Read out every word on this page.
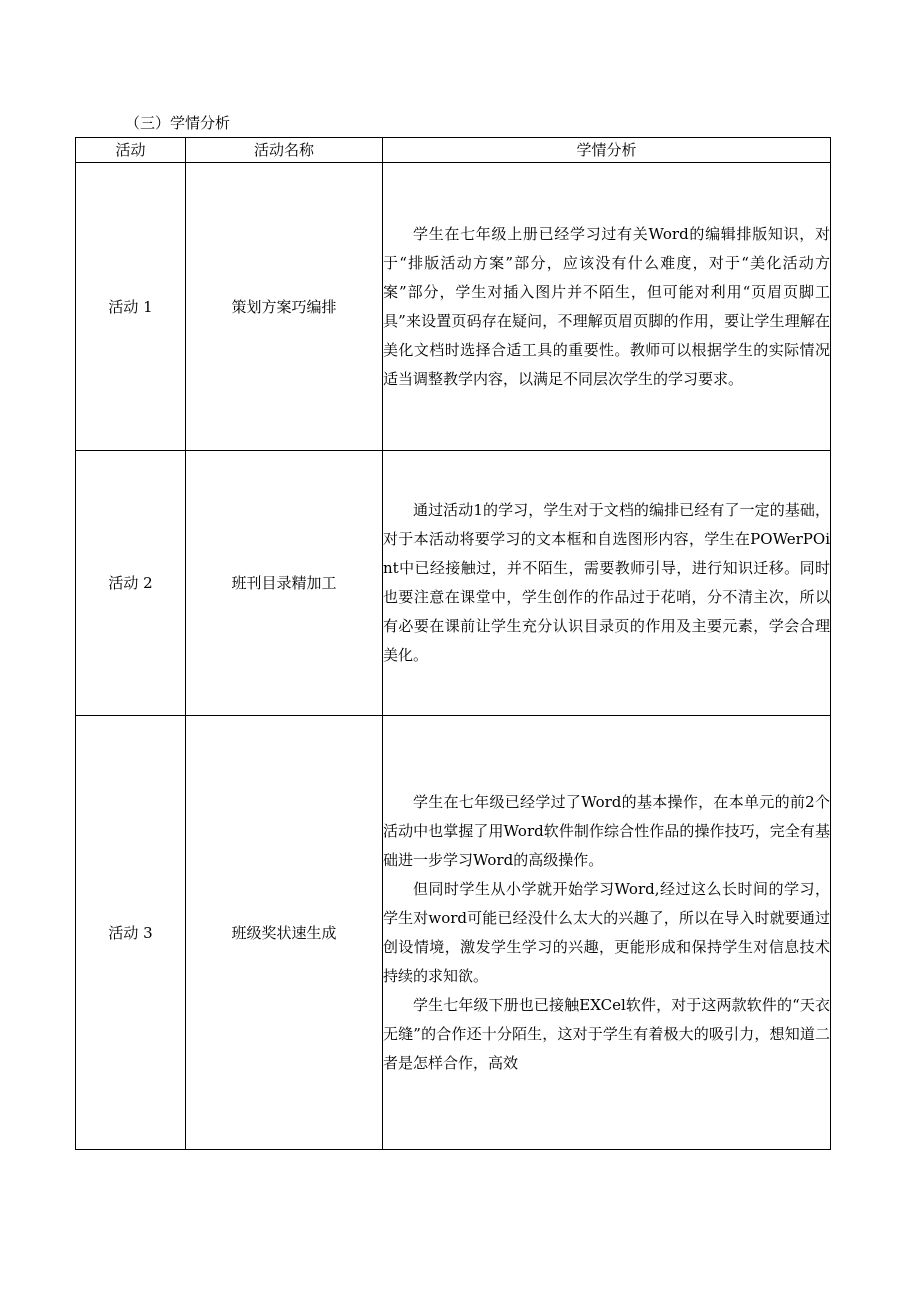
（三）学情分析
活动	活动名称	学情分析
活动 1	策划方案巧编排	学生在七年级上册已经学习过有关Word的编辑排版知识，对于“排版活动方案”部分，应该没有什么难度，对于“美化活动方案”部分，学生对插入图片并不陌生，但可能对利用“页眉页脚工具”来设置页码存在疑问，不理解页眉页脚的作用，要让学生理解在美化文档时选择合适工具的重要性。教师可以根据学生的实际情况适当调整教学内容，以满足不同层次学生的学习要求。

活动 2	班刊目录精加工	通过活动1的学习，学生对于文档的编排已经有了一定的基础，对于本活动将要学习的文本框和自选图形内容，学生在POWerPOint中已经接触过，并不陌生，需要教师引导，进行知识迁移。同时也要注意在课堂中，学生创作的作品过于花哨，分不清主次，所以有必要在课前让学生充分认识目录页的作用及主要元素，学会合理美化。

活动 3	班级奖状速生成	学生在七年级已经学过了Word的基本操作，在本单元的前2个活动中也掌握了用Word软件制作综合性作品的操作技巧，完全有基础进一步学习Word的高级操作。

但同时学生从小学就开始学习Word,经过这么长时间的学习，学生对word可能已经没什么太大的兴趣了，所以在导入时就要通过创设情境，激发学生学习的兴趣，更能形成和保持学生对信息技术持续的求知欲。

学生七年级下册也已接触EXCel软件，对于这两款软件的“天衣无缝”的合作还十分陌生，这对于学生有着极大的吸引力，想知道二者是怎样合作，高效
